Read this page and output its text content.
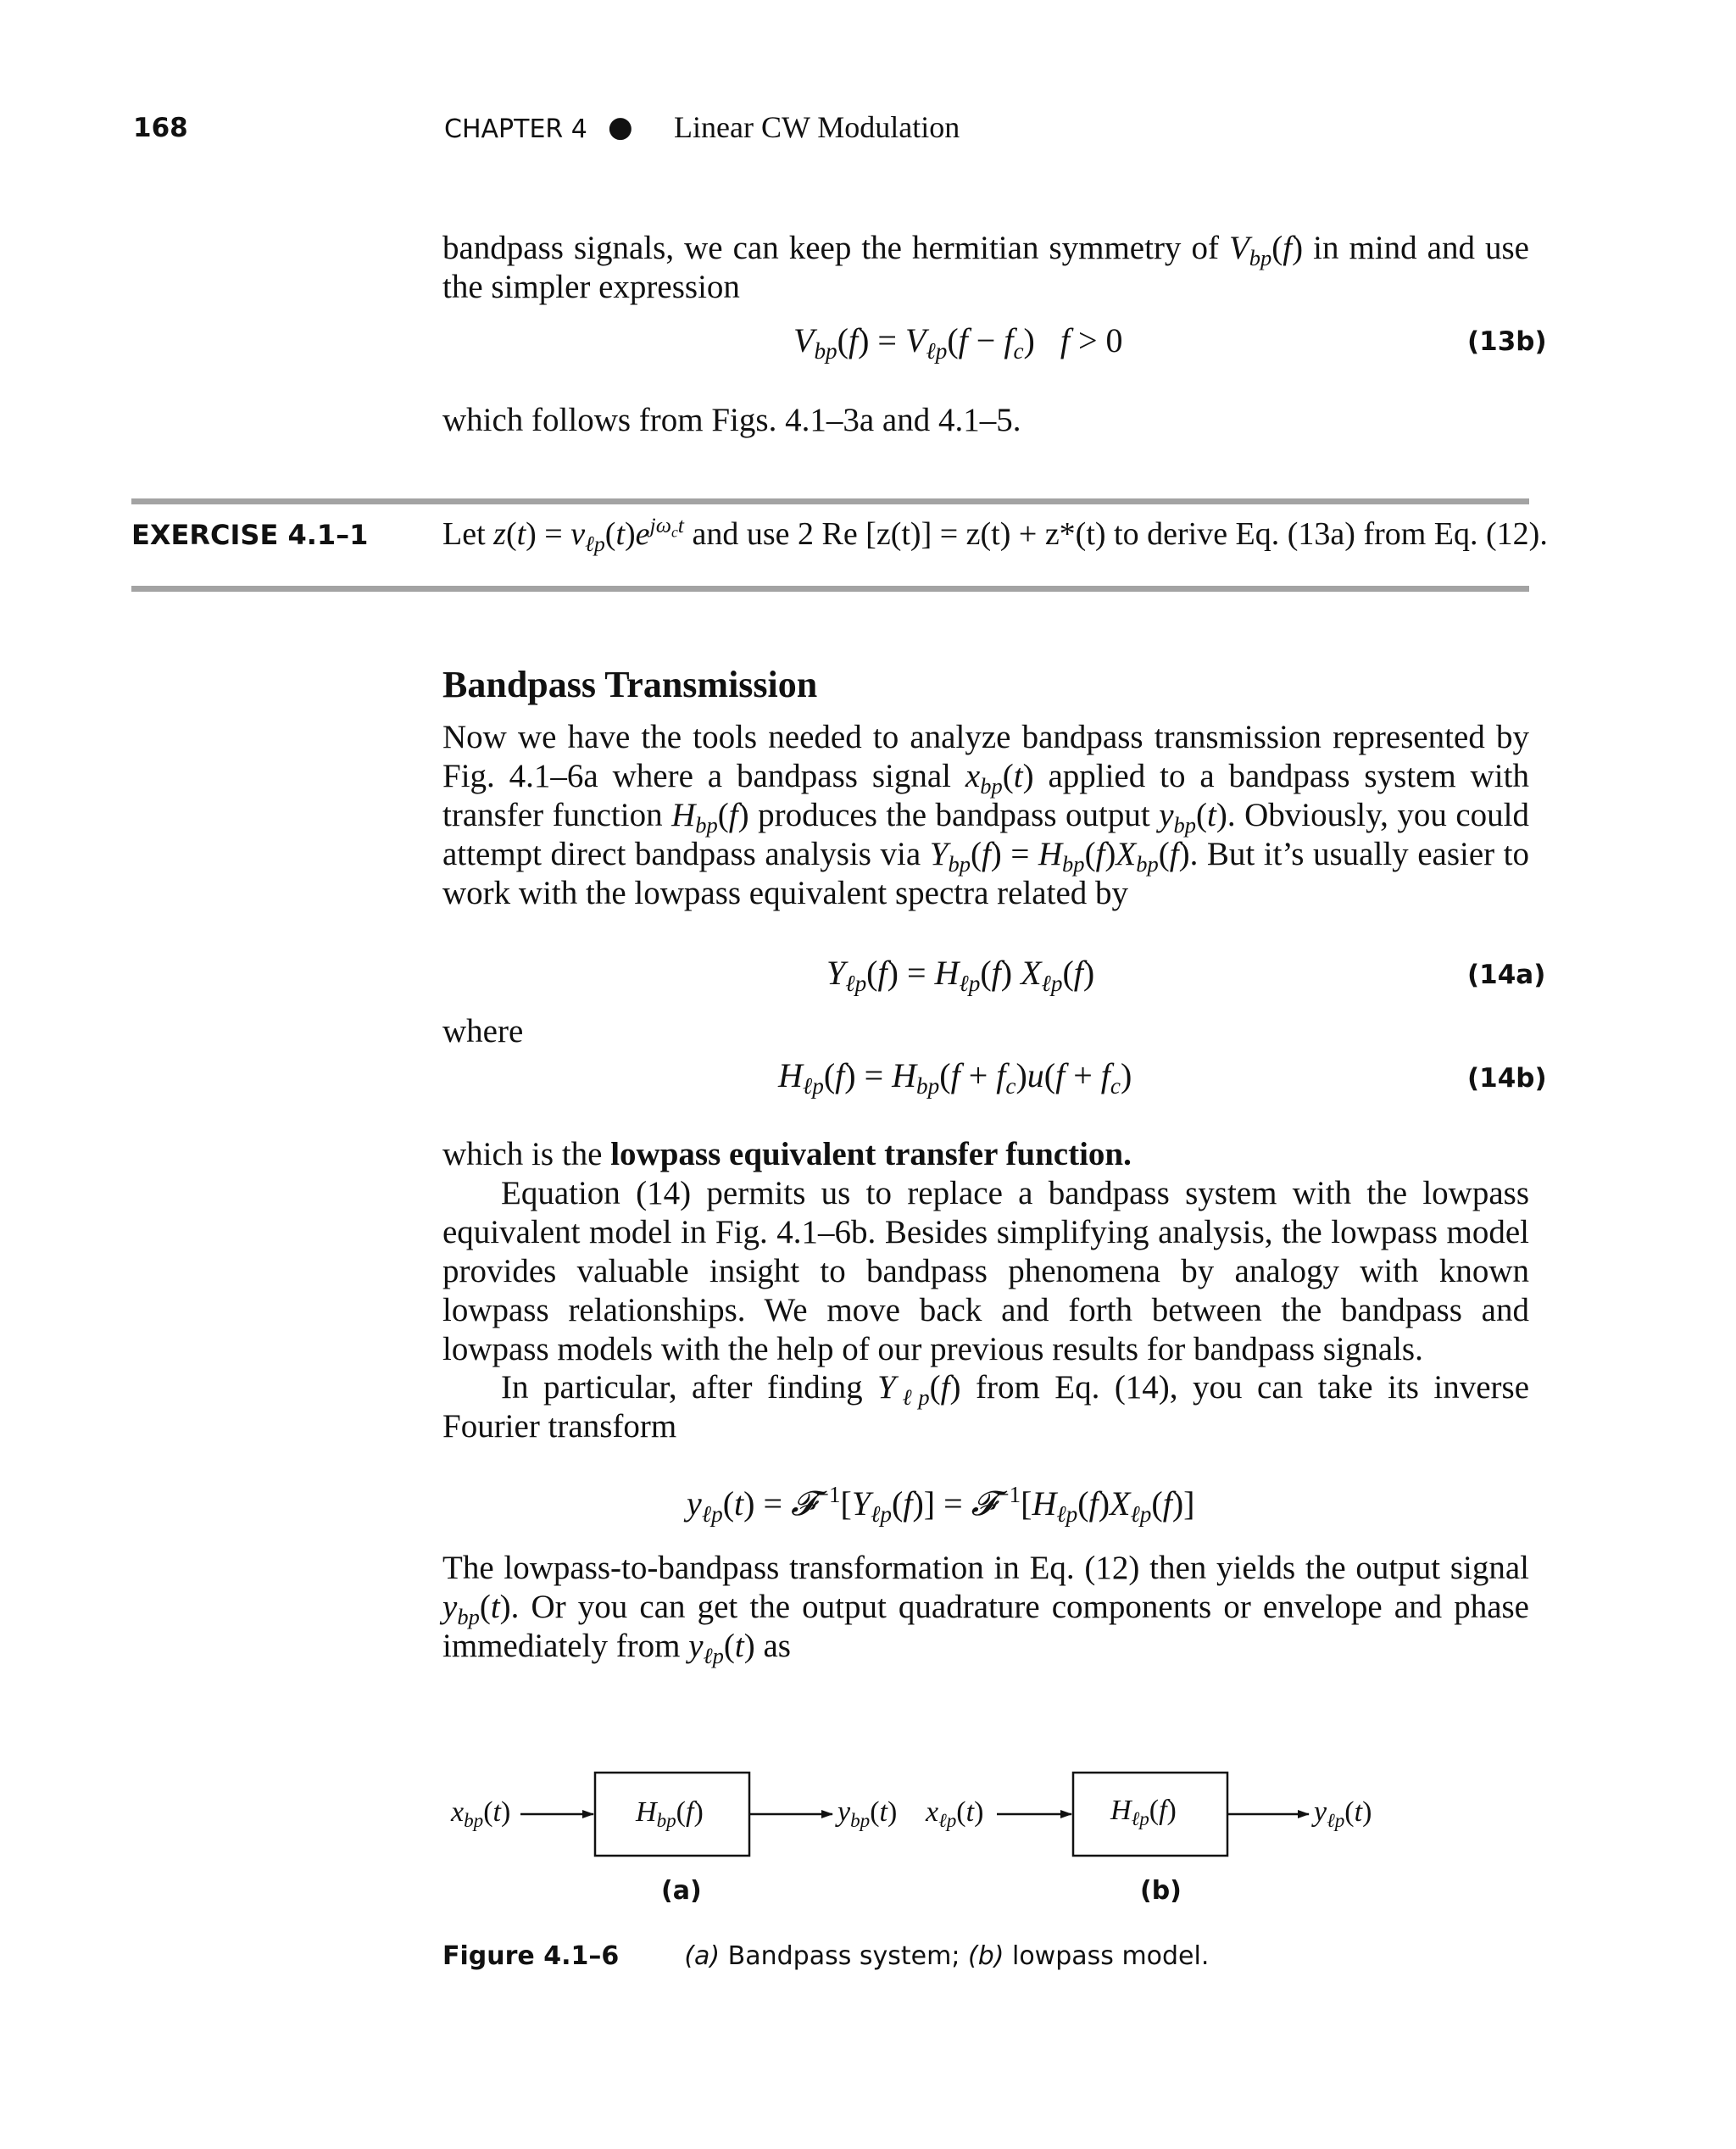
168	CHAPTER 4 ● Linear CW Modulation
bandpass signals, we can keep the hermitian symmetry of $V_{bp}(f)$ in mind and use the simpler expression
$V_{bp}(f) = V_{\ell p}(f - f_c) f > 0$	(13b)
which follows from Figs. 4.1–3a and 4.1–5.
EXERCISE 4.1–1 Let $z(t) = v_{\ell p}(t)e^{j\omega_ct}$ and use 2 Re [z(t)] = z(t) + z*(t) to derive Eq. (13a) from Eq. (12).
Bandpass Transmission
Now we have the tools needed to analyze bandpass transmission represented by Fig. 4.1–6a where a bandpass signal $x_{bp}(t)$ applied to a bandpass system with transfer function $H_{bp}(f)$ produces the bandpass output $y_{bp}(t)$. Obviously, you could attempt direct bandpass analysis via $Y_{bp}(f) = H_{bp}(f)X_{bp}(f)$. But it’s usually easier to work with the lowpass equivalent spectra related by
$Y_{\ell p}(f) = H_{\ell p}(f)$ $X_{\ell p}(f)$	(14a)
where
$H_{\ell p}(f) = H_{bp}(f + f_c)u(f + f_c)$	(14b)
which is the lowpass equivalent transfer function.
Equation (14) permits us to replace a bandpass system with the lowpass equivalent model in Fig. 4.1–6b. Besides simplifying analysis, the lowpass model provides valuable insight to bandpass phenomena by analogy with known lowpass relationships. We move back and forth between the bandpass and lowpass models with the help of our previous results for bandpass signals.
In particular, after finding $Y_{\ell p}(f)$ from Eq. (14), you can take its inverse Fourier transform
$y_{\ell p}(t)$ = $𝓕^{-1}[Y_{\ell p}(f)]$ = $𝓕^{-1}[H_{\ell p}(f)X_{\ell p}(f)]$
The lowpass-to-bandpass transformation in Eq. (12) then yields the output signal $y_{bp}(t)$. Or you can get the output quadrature components or envelope and phase immediately from $y_{\ell p}(t)$ as
$x_{bp}(t)$	$H_{bp}(f)$	$y_{bp}(t)$ $x_{\ell p}(t)$	$H_{\ell p}(f)$	$y_{\ell p}(t)$
(a)	(b)
Figure 4.1–6	(a) Bandpass system; (b) lowpass model.
